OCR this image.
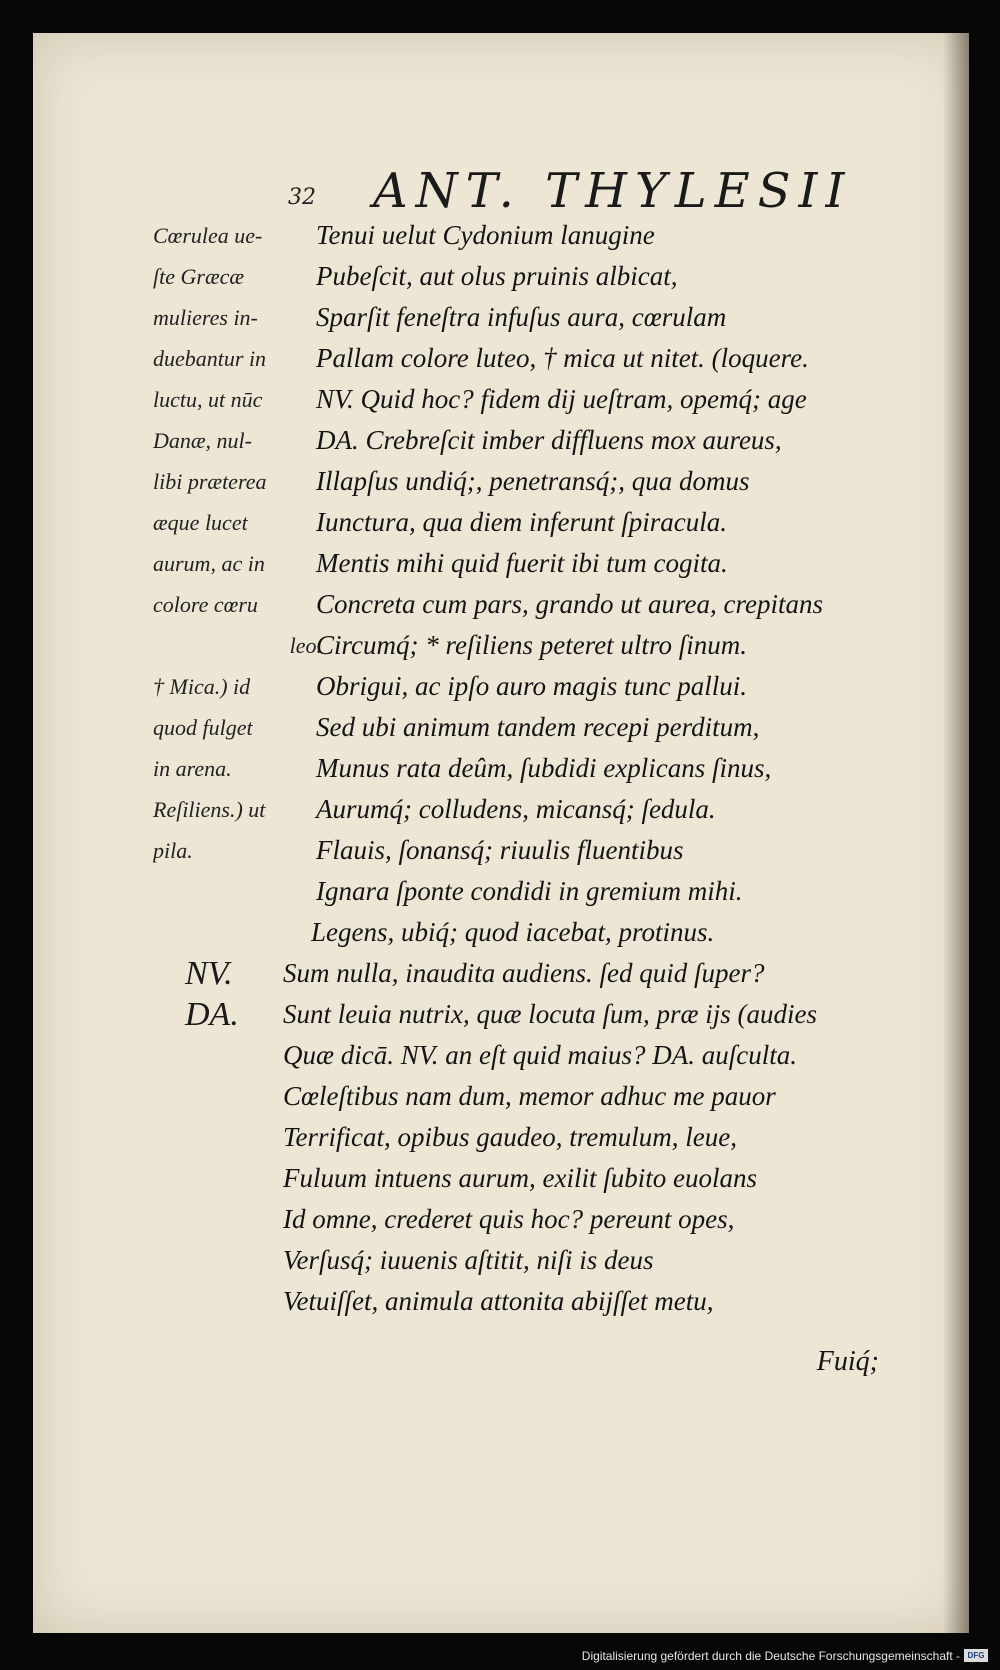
32 ANT. THYLESII
Cœrulea ue-
ſte Græcæ
mulieres in-
duebantur in
luctu, ut nūc
Danæ, nul-
libi præterea
æque lucet
aurum, ac in
colore cœru
leo.
† Mica.) id
quod fulget
in arena.
Reſiliens.) ut
pila.
Tenui uelut Cydonium lanugine
Pubeſcit, aut olus pruinis albicat,
Sparſit feneſtra infuſus aura, cœrulam
Pallam colore luteo, † mica ut nitet. (loquere.
NV. Quid hoc? fidem dij ueſtram, opemq́; age
DA. Crebreſcit imber diffluens mox aureus,
Illapſus undiq́;, penetransq́;, qua domus
Iunctura, qua diem inferunt ſpiracula.
Mentis mihi quid fuerit ibi tum cogita.
Concreta cum pars, grando ut aurea, crepitans
Circumq́; * reſiliens peteret ultro ſinum.
Obrigui, ac ipſo auro magis tunc pallui.
Sed ubi animum tandem recepi perditum,
Munus rata deûm, ſubdidi explicans ſinus,
Aurumq́; colludens, micansq́; ſedula.
Flauis, ſonansq́; riuulis fluentibus
Ignara ſponte condidi in gremium mihi.
Legens, ubiq́; quod iacebat, protinus.
NV. Sum nulla, inaudita audiens. ſed quid ſuper?
DA. Sunt leuia nutrix, quæ locuta ſum, præ ijs (audies
Quæ dicā. NV. an eſt quid maius? DA. auſculta.
Cœleſtibus nam dum, memor adhuc me pauor
Terrificat, opibus gaudeo, tremulum, leue,
Fuluum intuens aurum, exilit ſubito euolans
Id omne, crederet quis hoc? pereunt opes,
Verſusq́; iuuenis aſtitit, niſi is deus
Vetuiſſet, animula attonita abijſſet metu,
Fuiq́;
Digitalisierung gefördert durch die Deutsche Forschungsgemeinschaft - DFG
